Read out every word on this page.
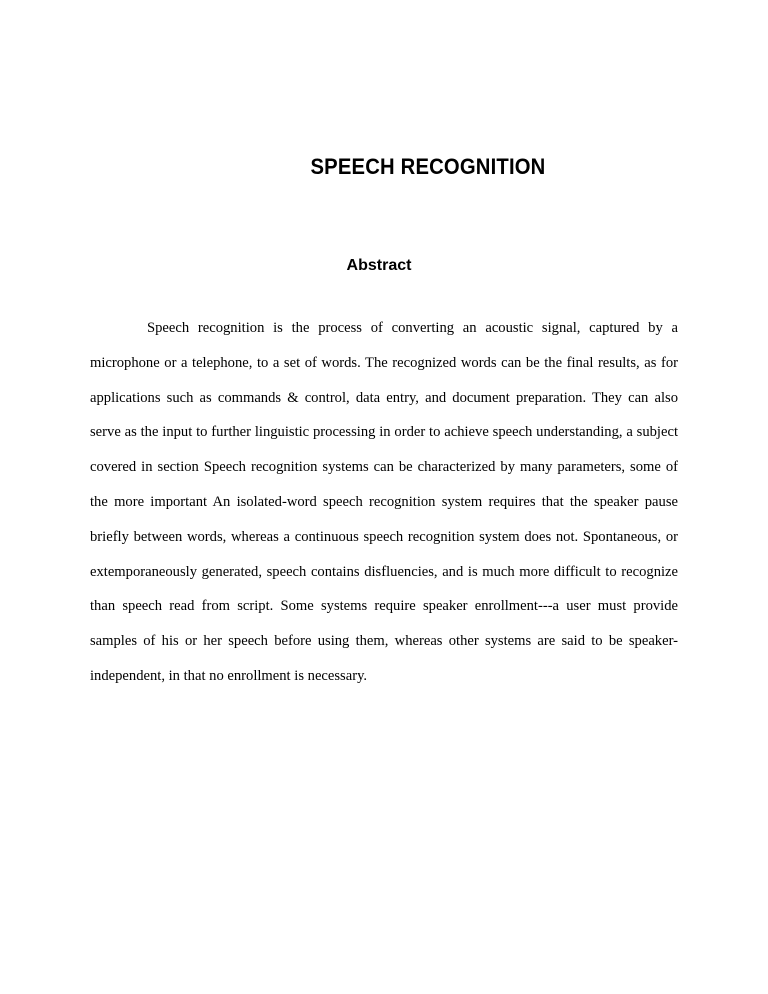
SPEECH RECOGNITION
Abstract

Speech recognition is the process of converting an acoustic signal, captured by a microphone or a telephone, to a set of words. The recognized words can be the final results, as for applications such as commands & control, data entry, and document preparation. They can also serve as the input to further linguistic processing in order to achieve speech understanding, a subject covered in section Speech recognition systems can be characterized by many parameters, some of the more important An isolated-word speech recognition system requires that the speaker pause briefly between words, whereas a continuous speech recognition system does not. Spontaneous, or extemporaneously generated, speech contains disfluencies, and is much more difficult to recognize than speech read from script. Some systems require speaker enrollment---a user must provide samples of his or her speech before using them, whereas other systems are said to be speaker-independent, in that no enrollment is necessary.
